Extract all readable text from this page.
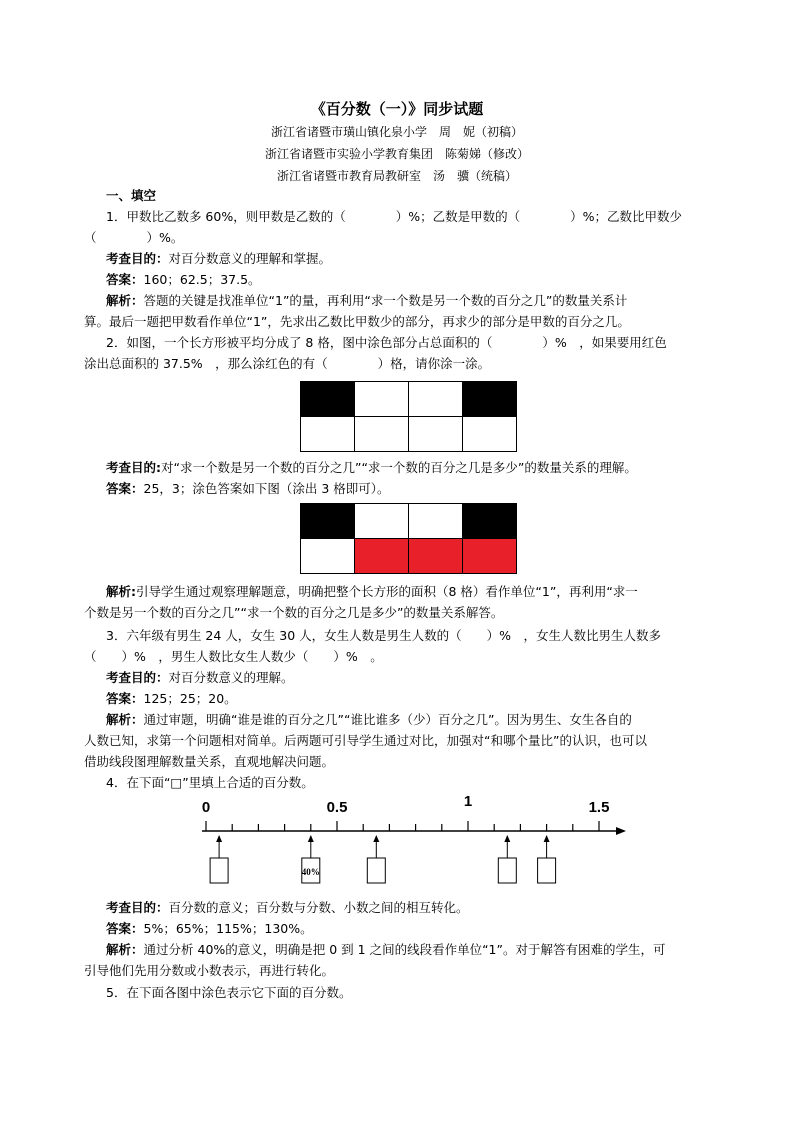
《百分数（一）》同步试题
浙江省诸暨市璜山镇化泉小学　周　妮（初稿）
浙江省诸暨市实验小学教育集团　陈菊娣（修改）
浙江省诸暨市教育局教研室　汤　骥（统稿）
一、填空
1．甲数比乙数多 60%，则甲数是乙数的（　　　　）%；乙数是甲数的（　　　　）%；乙数比甲数少
（　　　　）%。
考查目的：对百分数意义的理解和掌握。
答案：160；62.5；37.5。
解析：答题的关键是找准单位“1”的量，再利用“求一个数是另一个数的百分之几”的数量关系计
算。最后一题把甲数看作单位“1”，先求出乙数比甲数少的部分，再求少的部分是甲数的百分之几。
2．如图，一个长方形被平均分成了 8 格，图中涂色部分占总面积的（　　　　）%　，如果要用红色
涂出总面积的 37.5%　，那么涂红色的有（　　　　）格，请你涂一涂。

考查目的:对“求一个数是另一个数的百分之几”“求一个数的百分之几是多少”的数量关系的理解。
答案：25，3；涂色答案如下图（涂出 3 格即可）。

解析:引导学生通过观察理解题意，明确把整个长方形的面积（8 格）看作单位“1”，再利用“求一
个数是另一个数的百分之几”“求一个数的百分之几是多少”的数量关系解答。
3．六年级有男生 24 人，女生 30 人，女生人数是男生人数的（　　）%　，女生人数比男生人数多
（　　）%　，男生人数比女生人数少（　　）%　。
考查目的：对百分数意义的理解。
答案：125；25；20。
解析：通过审题，明确“谁是谁的百分之几”“谁比谁多（少）百分之几”。因为男生、女生各自的
人数已知，求第一个问题相对简单。后两题可引导学生通过对比，加强对“和哪个量比”的认识，也可以
借助线段图理解数量关系，直观地解决问题。
4．在下面“□”里填上合适的百分数。
0	0.5	1	1.5
40%
考查目的：百分数的意义；百分数与分数、小数之间的相互转化。
答案：5%；65%；115%；130%。
解析：通过分析 40%的意义，明确是把 0 到 1 之间的线段看作单位“1”。对于解答有困难的学生，可
引导他们先用分数或小数表示，再进行转化。
5．在下面各图中涂色表示它下面的百分数。
